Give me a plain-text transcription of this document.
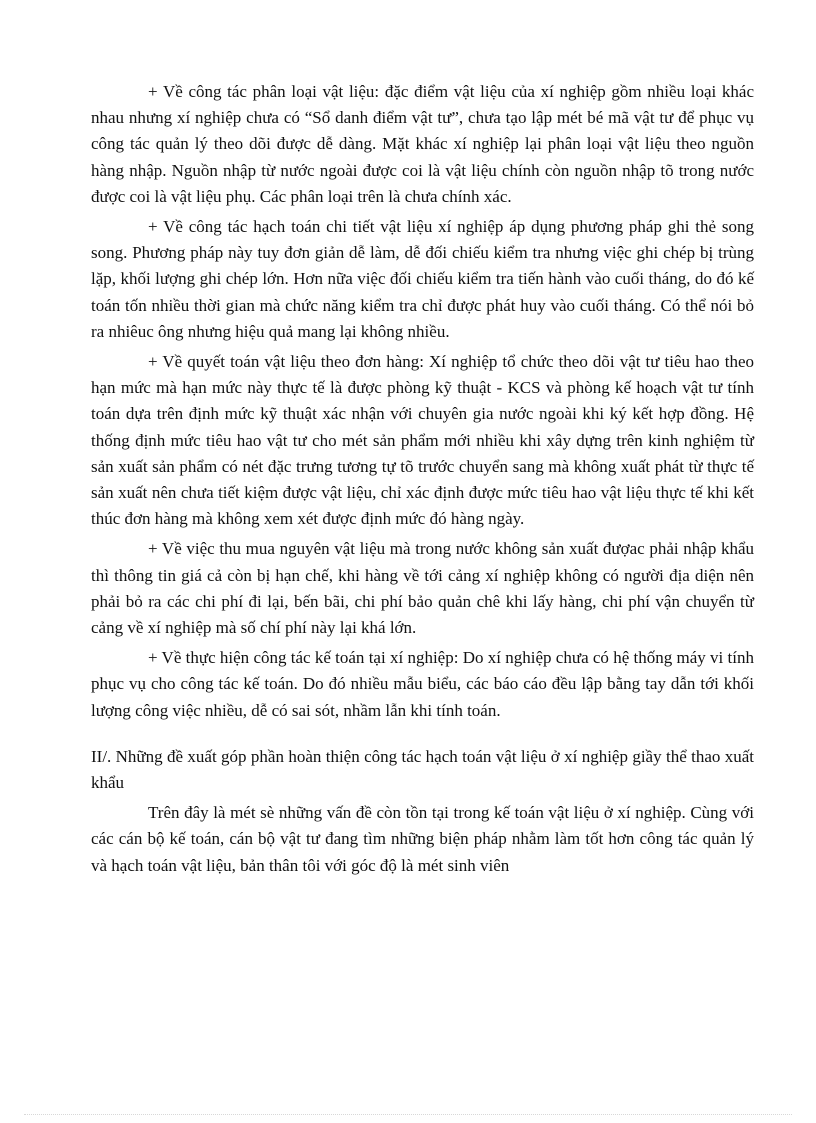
+ Về công tác phân loại vật liệu: đặc điểm vật liệu của xí nghiệp gồm nhiều loại khác nhau nhưng xí nghiệp chưa có “Sổ danh điểm vật tư”, chưa tạo lập mét bé mã vật tư để phục vụ công tác quản lý theo dõi được dễ dàng. Mặt khác xí nghiệp lại phân loại vật liệu theo nguồn hàng nhập. Nguồn nhập từ nước ngoài được coi là vật liệu chính còn nguồn nhập tõ trong nước được coi là vật liệu phụ. Các phân loại trên là chưa chính xác.

+ Về công tác hạch toán chi tiết vật liệu xí nghiệp áp dụng phương pháp ghi thẻ song song. Phương pháp này tuy đơn giản dễ làm, dễ đối chiếu kiểm tra nhưng việc ghi chép bị trùng lặp, khối lượng ghi chép lớn. Hơn nữa việc đối chiếu kiểm tra tiến hành vào cuối tháng, do đó kế toán tốn nhiều thời gian mà chức năng kiểm tra chỉ được phát huy vào cuối tháng. Có thể nói bỏ ra nhiêuc ông nhưng hiệu quả mang lại không nhiều.

+ Về quyết toán vật liệu theo đơn hàng: Xí nghiệp tổ chức theo dõi vật tư tiêu hao theo hạn mức mà hạn mức này thực tế là được phòng kỹ thuật - KCS và phòng kế hoạch vật tư tính toán dựa trên định mức kỹ thuật xác nhận với chuyên gia nước ngoài khi ký kết hợp đồng. Hệ thống định mức tiêu hao vật tư cho mét sản phẩm mới nhiều khi xây dựng trên kinh nghiệm từ sản xuất sản phẩm có nét đặc trưng tương tự tõ trước chuyển sang mà không xuất phát từ thực tế sản xuất nên chưa tiết kiệm được vật liệu, chỉ xác định được mức tiêu hao vật liệu thực tế khi kết thúc đơn hàng mà không xem xét được định mức đó hàng ngày.

+ Về việc thu mua nguyên vật liệu mà trong nước không sản xuất đượac phải nhập khẩu thì thông tin giá cả còn bị hạn chế, khi hàng về tới cảng xí nghiệp không có người địa diện nên phải bỏ ra các chi phí đi lại, bến bãi, chi phí bảo quản chê khi lấy hàng, chi phí vận chuyển từ cảng về xí nghiệp mà số chí phí này lại khá lớn.

+ Về thực hiện công tác kế toán tại xí nghiệp: Do xí nghiệp chưa có hệ thống máy vi tính phục vụ cho công tác kế toán. Do đó nhiều mẫu biểu, các báo cáo đều lập bằng tay dẫn tới khối lượng công việc nhiều, dễ có sai sót, nhầm lẫn khi tính toán.

II/. Những đề xuất góp phần hoàn thiện công tác hạch toán vật liệu ở xí nghiệp giầy thể thao xuất khẩu

Trên đây là mét sè những vấn đề còn tồn tại trong kế toán vật liệu ở xí nghiệp. Cùng với các cán bộ kế toán, cán bộ vật tư đang tìm những biện pháp nhằm làm tốt hơn công tác quản lý và hạch toán vật liệu, bản thân tôi với góc độ là mét sinh viên
